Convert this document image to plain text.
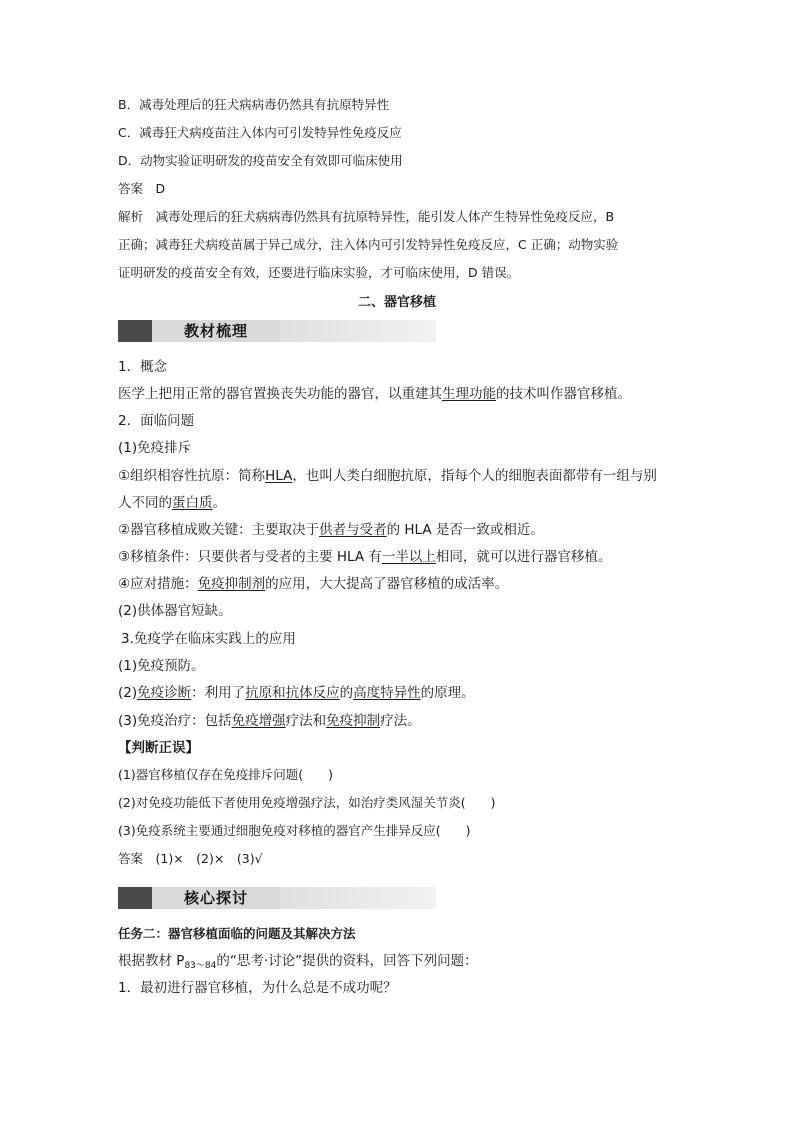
B．减毒处理后的狂犬病病毒仍然具有抗原特异性
C．减毒狂犬病疫苗注入体内可引发特异性免疫反应
D．动物实验证明研发的疫苗安全有效即可临床使用
答案　D
解析　减毒处理后的狂犬病病毒仍然具有抗原特异性，能引发人体产生特异性免疫反应，B
正确；减毒狂犬病疫苗属于异己成分，注入体内可引发特异性免疫反应，C 正确；动物实验
证明研发的疫苗安全有效，还要进行临床实验，才可临床使用，D 错误。
二、器官移植
教材梳理
1．概念
医学上把用正常的器官置换丧失功能的器官，以重建其生理功能的技术叫作器官移植。
2．面临问题
(1)免疫排斥
①组织相容性抗原：简称HLA，也叫人类白细胞抗原，指每个人的细胞表面都带有一组与别
人不同的蛋白质。
②器官移植成败关键：主要取决于供者与受者的 HLA 是否一致或相近。
③移植条件：只要供者与受者的主要 HLA 有一半以上相同，就可以进行器官移植。
④应对措施：免疫抑制剂的应用，大大提高了器官移植的成活率。
(2)供体器官短缺。
3.免疫学在临床实践上的应用
(1)免疫预防。
(2)免疫诊断：利用了抗原和抗体反应的高度特异性的原理。
(3)免疫治疗：包括免疫增强疗法和免疫抑制疗法。
【判断正误】
(1)器官移植仅存在免疫排斥问题(　　)
(2)对免疫功能低下者使用免疫增强疗法，如治疗类风湿关节炎(　　)
(3)免疫系统主要通过细胞免疫对移植的器官产生排异反应(　　)
答案　(1)×　(2)×　(3)√
核心探讨
任务二：器官移植面临的问题及其解决方法
根据教材 $P_{83\sim 84}$的“思考·讨论”提供的资料，回答下列问题：
1．最初进行器官移植，为什么总是不成功呢？
